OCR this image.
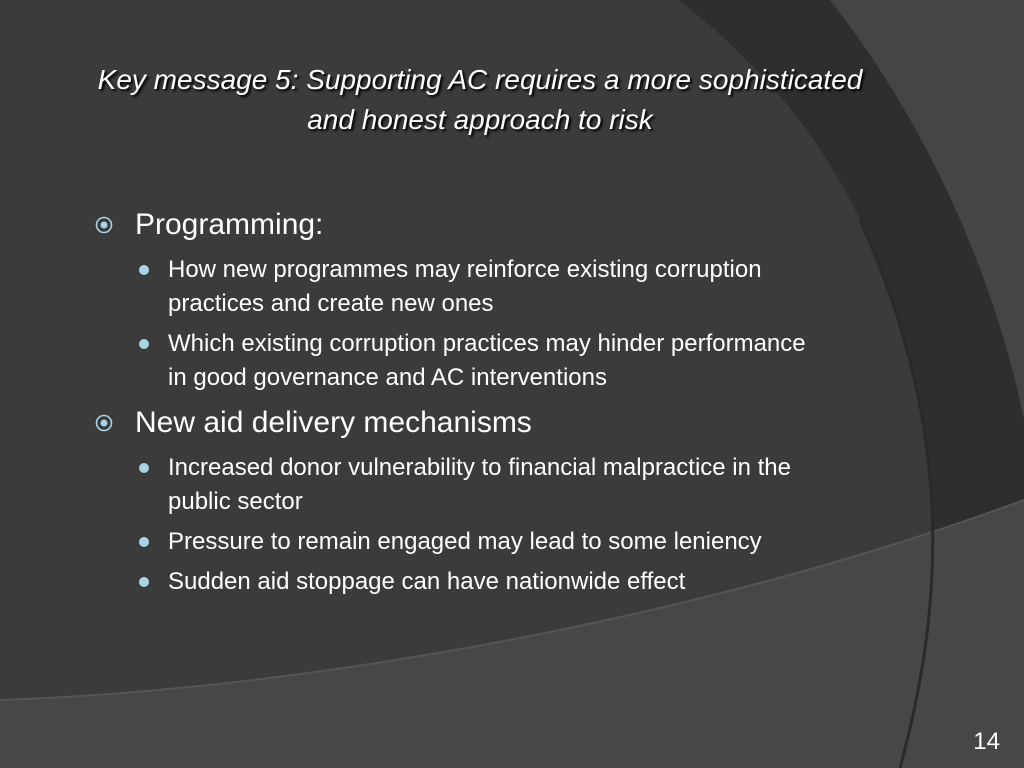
Key message 5: Supporting AC requires a more sophisticated
and honest approach to risk
Programming:
How new programmes may reinforce existing corruption
practices and create new ones
Which existing corruption practices may hinder performance
in good governance and AC interventions
New aid delivery mechanisms
Increased donor vulnerability to financial malpractice in the
public sector
Pressure to remain engaged may lead to some leniency
Sudden aid stoppage can have nationwide effect
14
